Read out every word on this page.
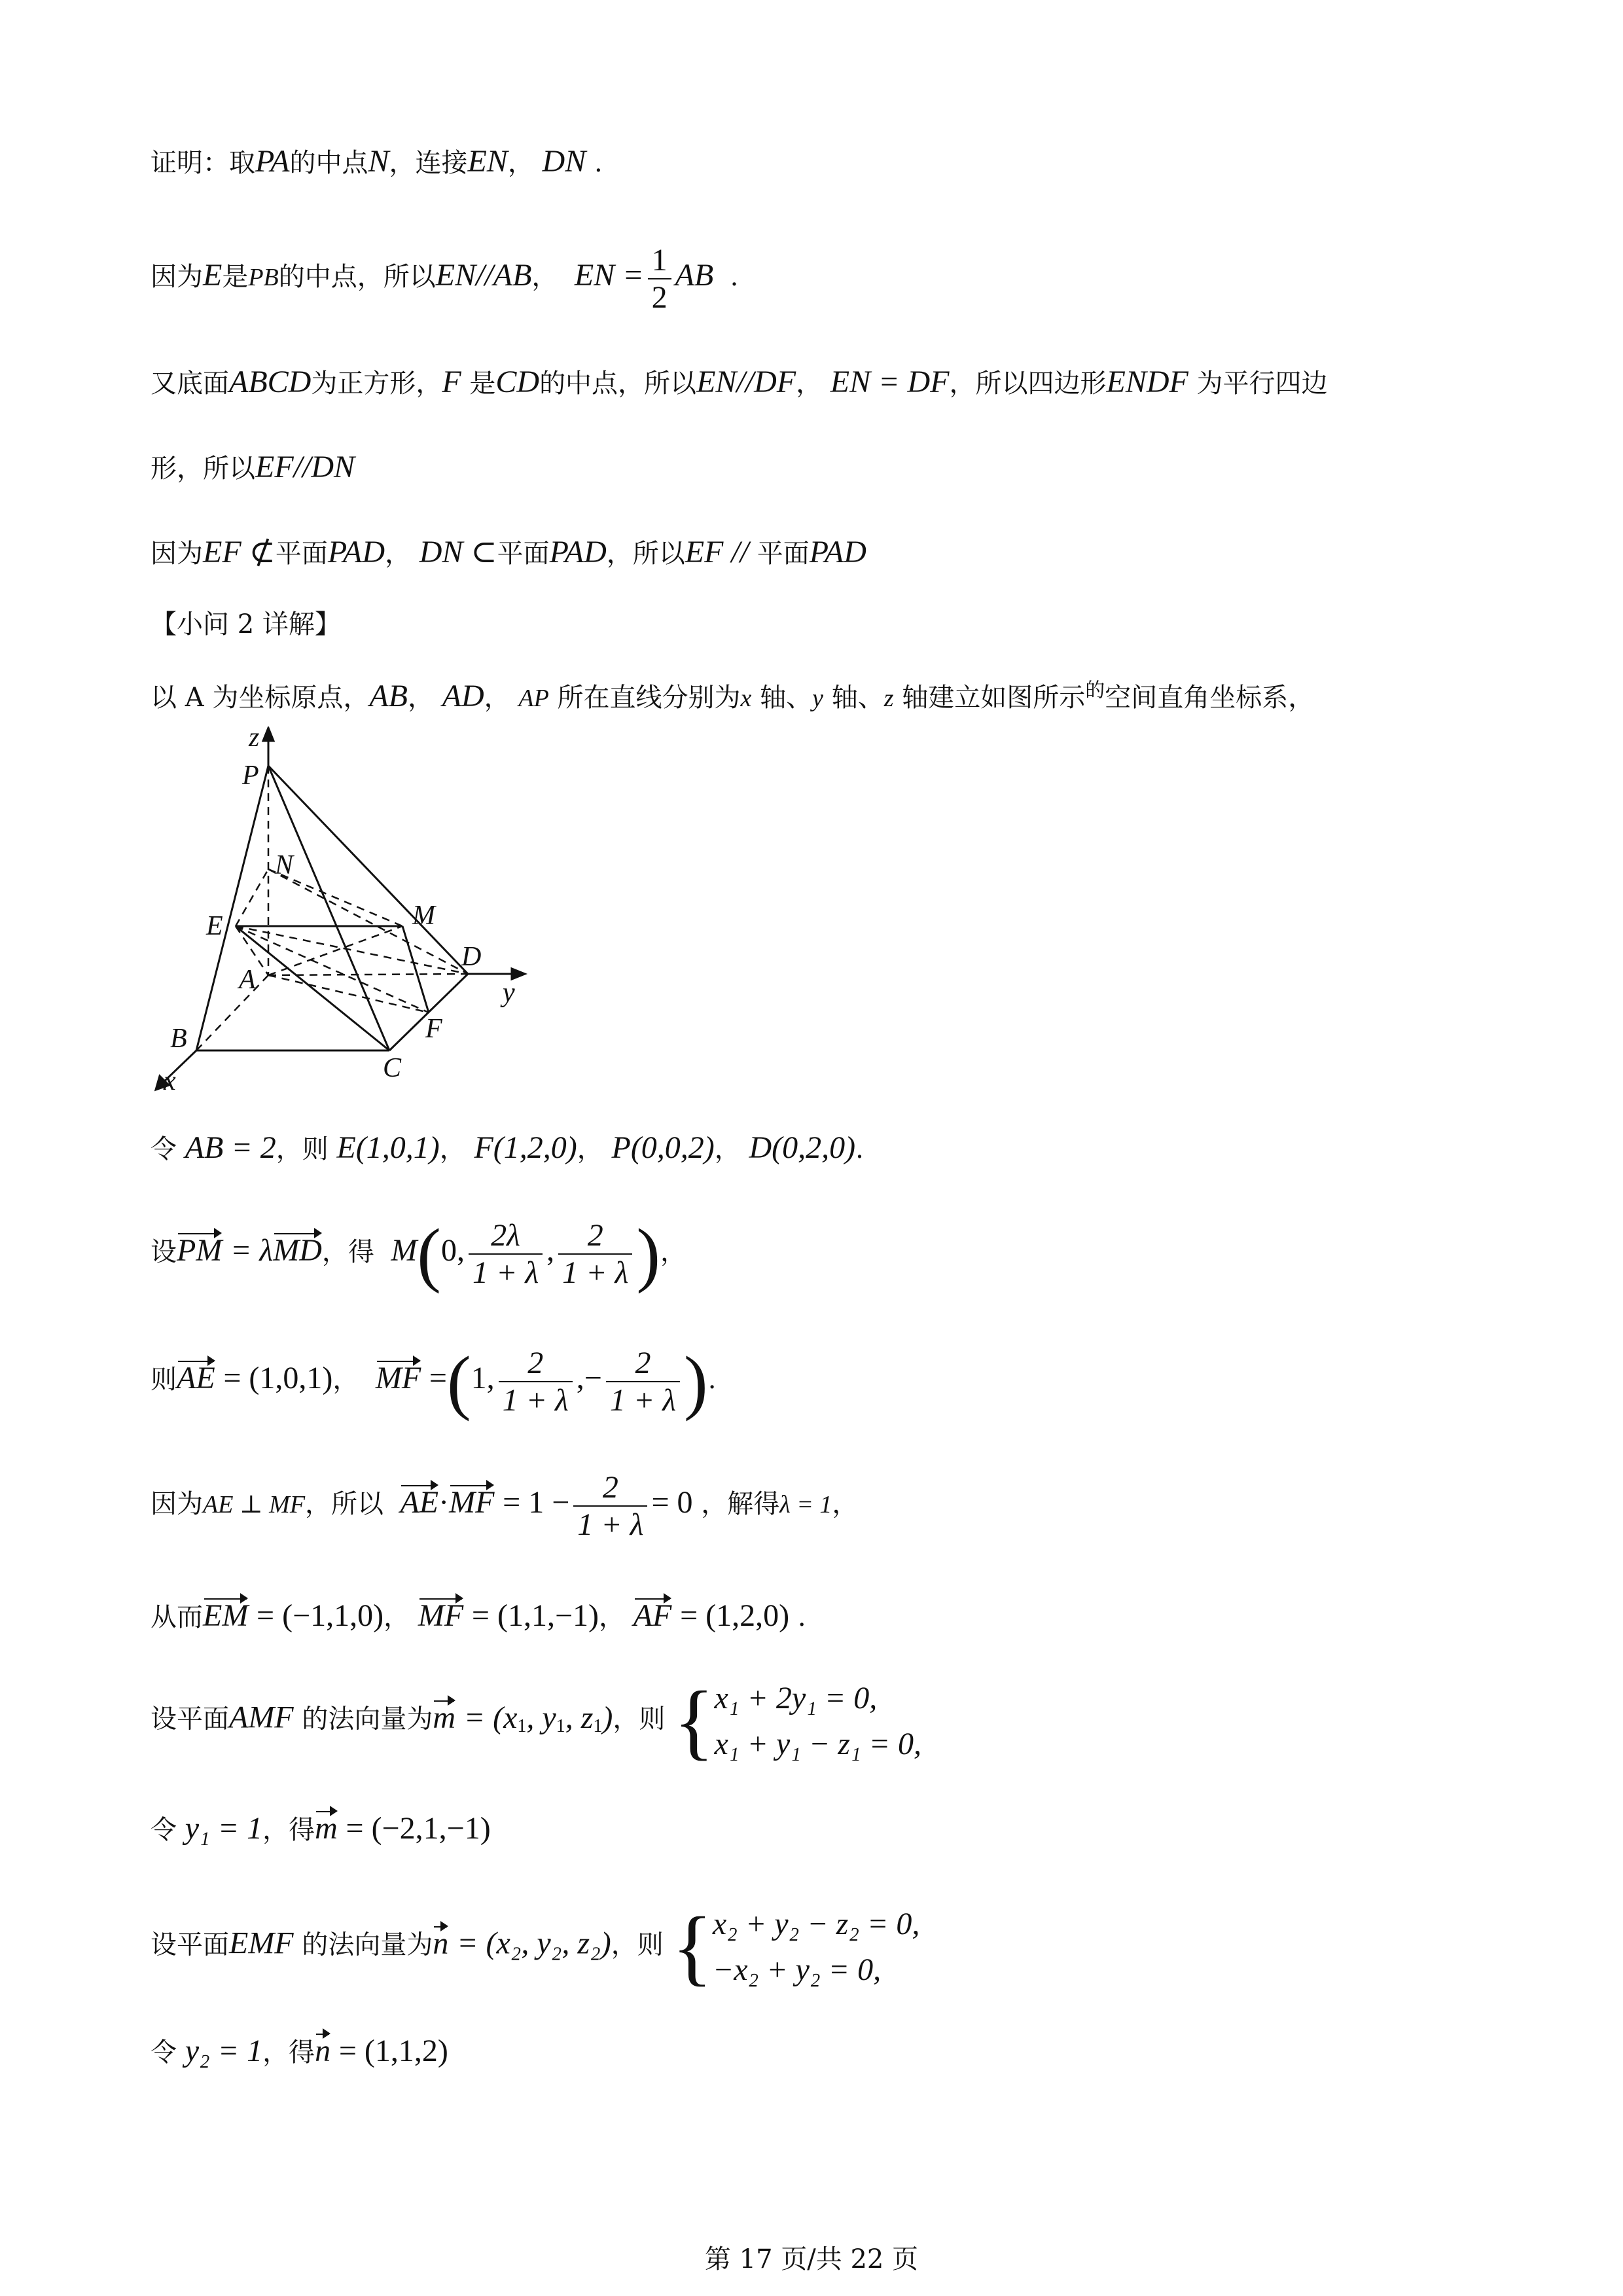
证明：取PA的中点N，连接EN， DN .
因为E是PB的中点，所以EN//AB， EN = $\frac{1}{2}$ AB .
又底面ABCD为正方形，F 是CD的中点，所以EN//DF， EN = DF，所以四边形ENDF 为平行四边
形，所以EF//DN
因为EF ⊄平面PAD， DN ⊂平面PAD，所以EF // 平面PAD
【小问 2 详解】
以 A 为坐标原点，AB， AD， AP 所在直线分别为x 轴、y 轴、z 轴建立如图所示$^的$空间直角坐标系，
z
P
N
E	M
A
D
y
F
B
C
x
令 AB = 2，则 E(1,0,1)， F(1,2,0)， P(0,0,2)， D(0,2,0).
设PM = λMD，得 M(0, $\frac{2\lambda}{1 + \lambda}$ , $\frac{2}{1 + \lambda}$ )，
则AE = (1,0,1)， MF =(1, $\frac{2}{1 + \lambda}$ ,− $\frac{2}{1 + \lambda}$ ).
因为AE ⊥ MF，所以 $AE\cdot MF = 1 - \frac{2}{1 + \lambda} = 0$ ，解得λ = 1，
从而EM = (−1,1,0)， MF = (1,1,−1)， AF = (1,2,0) .
设平面AMF 的法向量为$m = (x_1$, $y_1$, $z_1$)，则 { x₁ + 2y₁ = 0,
x₁ + y₁ − z₁ = 0,
令 y₁ = 1，得m = (−2,1,−1)
设平面EMF 的法向量为n = (x₂, y₂, z₂)，则 { x₂ + y₂ − z₂ = 0,
−x₂ + y₂ = 0,
令 y₂ = 1，得n = (1,1,2)
第 17 页/共 22 页
